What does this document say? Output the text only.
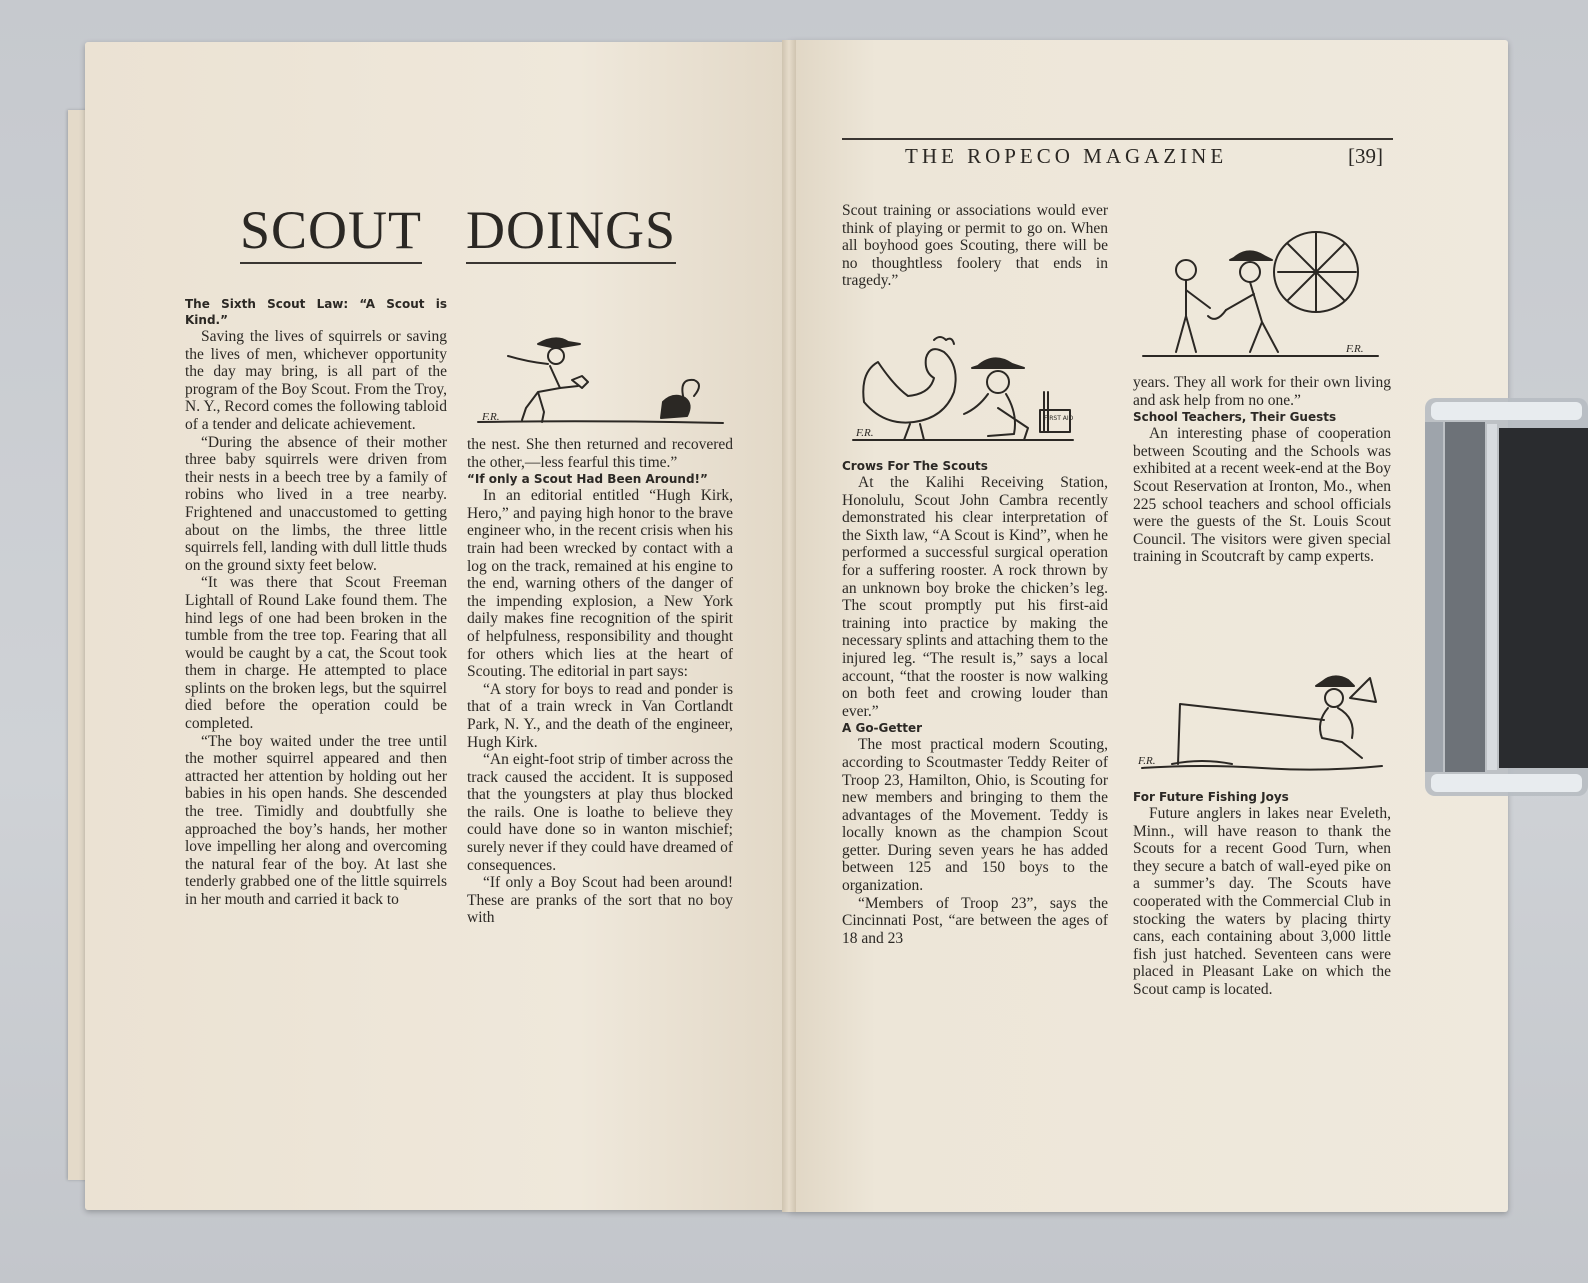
SCOUT DOINGS
THE ROPECO MAGAZINE	[39]

The Sixth Scout Law: “A Scout is Kind.”

Saving the lives of squirrels or saving the lives of men, whichever opportunity the day may bring, is all part of the program of the Boy Scout. From the Troy, N. Y., Record comes the following tabloid of a tender and delicate achievement.

“During the absence of their mother three baby squirrels were driven from their nests in a beech tree by a family of robins who lived in a tree nearby. Frightened and unaccustomed to getting about on the limbs, the three little squirrels fell, landing with dull little thuds on the ground sixty feet below.

“It was there that Scout Freeman Lightall of Round Lake found them. The hind legs of one had been broken in the tumble from the tree top. Fearing that all would be caught by a cat, the Scout took them in charge. He attempted to place splints on the broken legs, but the squirrel died before the operation could be completed.

“The boy waited under the tree until the mother squirrel appeared and then attracted her attention by holding out her babies in his open hands. She descended the tree. Timidly and doubtfully she approached the boy’s hands, her mother love impelling her along and overcoming the natural fear of the boy. At last she tenderly grabbed one of the little squirrels in her mouth and carried it back to

F.R.

the nest. She then returned and recovered the other,—less fearful this time.”

“If only a Scout Had Been Around!”

In an editorial entitled “Hugh Kirk, Hero,” and paying high honor to the brave engineer who, in the recent crisis when his train had been wrecked by contact with a log on the track, remained at his engine to the end, warning others of the danger of the impending explosion, a New York daily makes fine recognition of the spirit of helpfulness, responsibility and thought for others which lies at the heart of Scouting. The editorial in part says:

“A story for boys to read and ponder is that of a train wreck in Van Cortlandt Park, N. Y., and the death of the engineer, Hugh Kirk.

“An eight-foot strip of timber across the track caused the accident. It is supposed that the youngsters at play thus blocked the rails. One is loathe to believe they could have done so in wanton mischief; surely never if they could have dreamed of consequences.

“If only a Boy Scout had been around! These are pranks of the sort that no boy with

Scout training or associations would ever think of playing or permit to go on. When all boyhood goes Scouting, there will be no thoughtless foolery that ends in tragedy.”

F.R.
FIRST AID

Crows For The Scouts

At the Kalihi Receiving Station, Honolulu, Scout John Cambra recently demonstrated his clear interpretation of the Sixth law, “A Scout is Kind”, when he performed a successful surgical operation for a suffering rooster. A rock thrown by an unknown boy broke the chicken’s leg. The scout promptly put his first-aid training into practice by making the necessary splints and attaching them to the injured leg. “The result is,” says a local account, “that the rooster is now walking on both feet and crowing louder than ever.”

A Go-Getter

The most practical modern Scouting, according to Scoutmaster Teddy Reiter of Troop 23, Hamilton, Ohio, is Scouting for new members and bringing to them the advantages of the Movement. Teddy is locally known as the champion Scout getter. During seven years he has added between 125 and 150 boys to the organization.

“Members of Troop 23”, says the Cincinnati Post, “are between the ages of 18 and 23

F.R.

years. They all work for their own living and ask help from no one.”

School Teachers, Their Guests

An interesting phase of cooperation between Scouting and the Schools was exhibited at a recent week-end at the Boy Scout Reservation at Ironton, Mo., when 225 school teachers and school officials were the guests of the St. Louis Scout Council. The visitors were given special training in Scoutcraft by camp experts.

F.R.

For Future Fishing Joys

Future anglers in lakes near Eveleth, Minn., will have reason to thank the Scouts for a recent Good Turn, when they secure a batch of wall-eyed pike on a summer’s day. The Scouts have cooperated with the Commercial Club in stocking the waters by placing thirty cans, each containing about 3,000 little fish just hatched. Seventeen cans were placed in Pleasant Lake on which the Scout camp is located.
